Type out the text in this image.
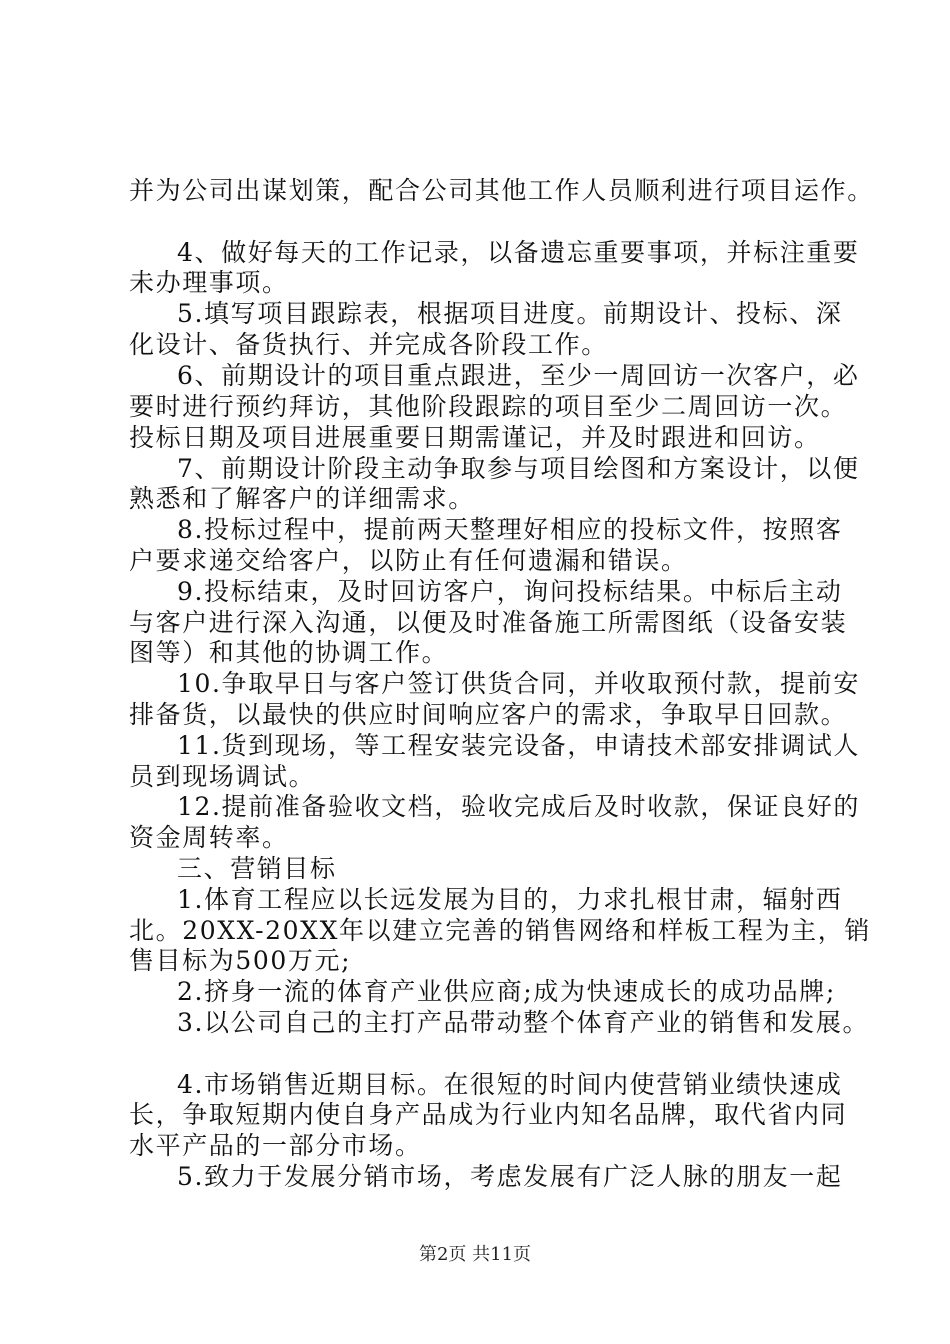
并为公司出谋划策，配合公司其他工作人员顺利进行项目运作。
4、做好每天的工作记录，以备遗忘重要事项，并标注重要
未办理事项。
5.填写项目跟踪表，根据项目进度。前期设计、投标、深
化设计、备货执行、并完成各阶段工作。
6、前期设计的项目重点跟进，至少一周回访一次客户，必
要时进行预约拜访，其他阶段跟踪的项目至少二周回访一次。
投标日期及项目进展重要日期需谨记，并及时跟进和回访。
7、前期设计阶段主动争取参与项目绘图和方案设计，以便
熟悉和了解客户的详细需求。
8.投标过程中，提前两天整理好相应的投标文件，按照客
户要求递交给客户，以防止有任何遗漏和错误。
9.投标结束，及时回访客户，询问投标结果。中标后主动
与客户进行深入沟通，以便及时准备施工所需图纸（设备安装
图等）和其他的协调工作。
10.争取早日与客户签订供货合同，并收取预付款，提前安
排备货，以最快的供应时间响应客户的需求，争取早日回款。
11.货到现场，等工程安装完设备，申请技术部安排调试人
员到现场调试。
12.提前准备验收文档，验收完成后及时收款，保证良好的
资金周转率。
三、营销目标
1.体育工程应以长远发展为目的，力求扎根甘肃，辐射西
北。20XX-20XX年以建立完善的销售网络和样板工程为主，销
售目标为500万元;
2.挤身一流的体育产业供应商;成为快速成长的成功品牌;
3.以公司自己的主打产品带动整个体育产业的销售和发展。
4.市场销售近期目标。在很短的时间内使营销业绩快速成
长，争取短期内使自身产品成为行业内知名品牌，取代省内同
水平产品的一部分市场。
5.致力于发展分销市场，考虑发展有广泛人脉的朋友一起
第2页 共11页
